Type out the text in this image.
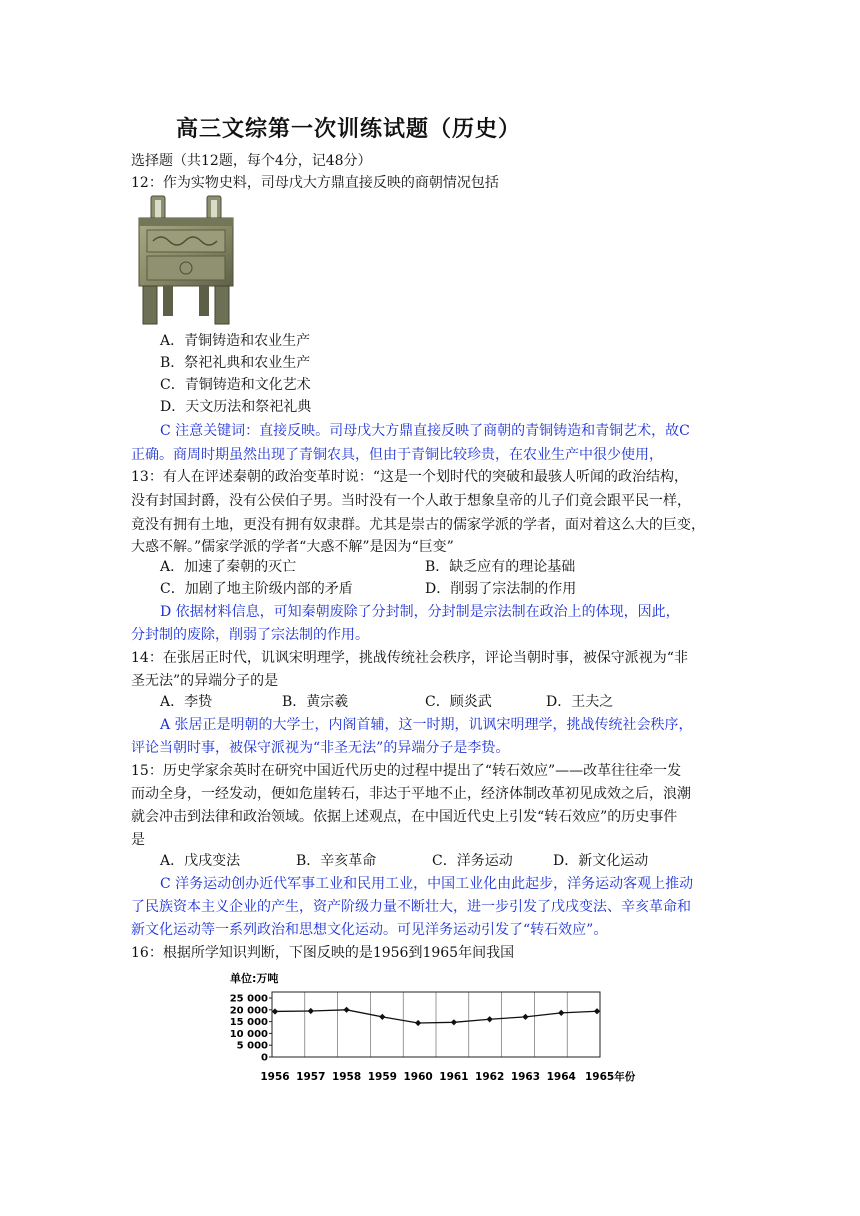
高三文综第一次训练试题（历史）
选择题（共12题，每个4分，记48分）
12：作为实物史料，司母戊大方鼎直接反映的商朝情况包括
A．青铜铸造和农业生产
B．祭祀礼典和农业生产
C．青铜铸造和文化艺术
D．天文历法和祭祀礼典
C 注意关键词：直接反映。司母戊大方鼎直接反映了商朝的青铜铸造和青铜艺术，故C
正确。商周时期虽然出现了青铜农具，但由于青铜比较珍贵，在农业生产中很少使用，
13：有人在评述秦朝的政治变革时说：“这是一个划时代的突破和最骇人听闻的政治结构，
没有封国封爵，没有公侯伯子男。当时没有一个人敢于想象皇帝的儿子们竟会跟平民一样，
竟没有拥有土地，更没有拥有奴隶群。尤其是崇古的儒家学派的学者，面对着这么大的巨变，
大惑不解。”儒家学派的学者“大惑不解”是因为“巨变”
A．加速了秦朝的灭亡	B．缺乏应有的理论基础
C．加剧了地主阶级内部的矛盾	D．削弱了宗法制的作用
D 依据材料信息，可知秦朝废除了分封制，分封制是宗法制在政治上的体现，因此，
分封制的废除，削弱了宗法制的作用。
14：在张居正时代，讥讽宋明理学，挑战传统社会秩序，评论当朝时事，被保守派视为“非
圣无法”的异端分子的是
A．李贽	B．黄宗羲	C．顾炎武	D．王夫之
A 张居正是明朝的大学士，内阁首辅，这一时期，讥讽宋明理学，挑战传统社会秩序，
评论当朝时事，被保守派视为“非圣无法”的异端分子是李贽。
15：历史学家余英时在研究中国近代历史的过程中提出了“转石效应”——改革往往牵一发
而动全身，一经发动，便如危崖转石，非达于平地不止，经济体制改革初见成效之后，浪潮
就会冲击到法律和政治领域。依据上述观点，在中国近代史上引发“转石效应”的历史事件
是
A．戊戌变法	B．辛亥革命	C．洋务运动	D．新文化运动
C 洋务运动创办近代军事工业和民用工业，中国工业化由此起步，洋务运动客观上推动
了民族资本主义企业的产生，资产阶级力量不断壮大，进一步引发了戊戌变法、辛亥革命和
新文化运动等一系列政治和思想文化运动。可见洋务运动引发了“转石效应”。
16：根据所学知识判断，下图反映的是1956到1965年间我国
单位:万吨
25 000
20 000
15 000
10 000
5 000
0
1956 1957 1958 1959 1960 1961 1962 1963 1964 1965年份
